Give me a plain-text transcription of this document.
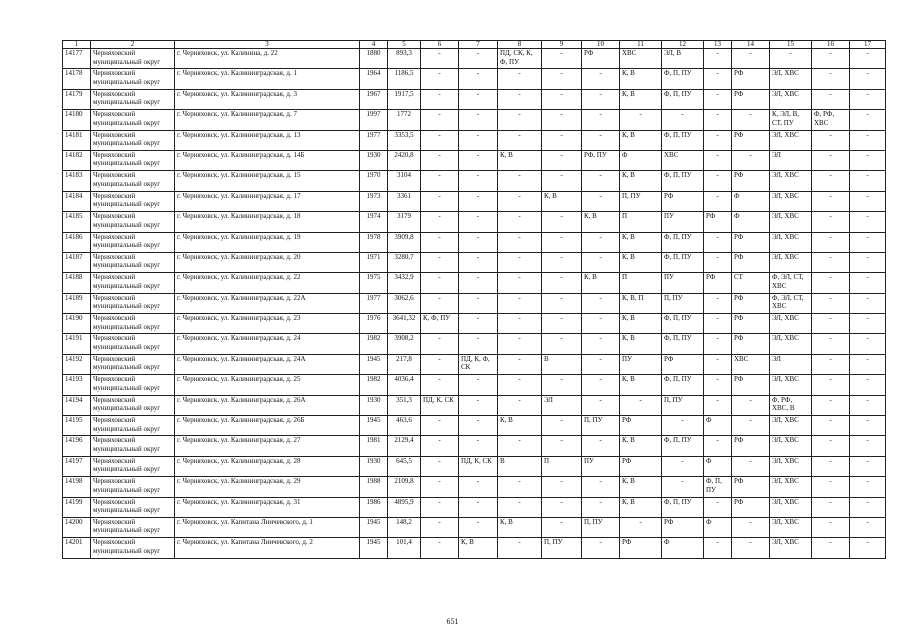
1	2	3	4	5	6	7	8	9	10	11	12	13	14	15	16	17
14177	Черняховский муниципальный округ	г. Черняховск, ул. Калинина, д. 22	1880	893,3	-	-	ПД, СК, К, Ф, ПУ	-	РФ	ХВС	ЭЛ, В	-	-	-	-	-
14178	Черняховский муниципальный округ	г. Черняховск, ул. Калининградская, д. 1	1964	1186,5	-	-	-	-	-	К, В	Ф, П, ПУ	-	РФ	ЭЛ, ХВС	-	-
14179	Черняховский муниципальный округ	г. Черняховск, ул. Калининградская, д. 3	1967	1917,5	-	-	-	-	-	К, В	Ф, П, ПУ	-	РФ	ЭЛ, ХВС	-	-
14180	Черняховский муниципальный округ	г. Черняховск, ул. Калининградская, д. 7	1997	1772	-	-	-	-	-	-	-	-	-	К, ЭЛ, В, СТ, ПУ	Ф, РФ, ХВС	-
14181	Черняховский муниципальный округ	г. Черняховск, ул. Калининградская, д. 13	1977	3353,5	-	-	-	-	-	К, В	Ф, П, ПУ	-	РФ	ЭЛ, ХВС	-	-
14182	Черняховский муниципальный округ	г. Черняховск, ул. Калининградская, д. 14Б	1930	2420,8	-	-	К, В	-	РФ, ПУ	Ф	ХВС	-	-	ЭЛ	-	-
14183	Черняховский муниципальный округ	г. Черняховск, ул. Калининградская, д. 15	1970	3104	-	-	-	-	-	К, В	Ф, П, ПУ	-	РФ	ЭЛ, ХВС	-	-
14184	Черняховский муниципальный округ	г. Черняховск, ул. Калининградская, д. 17	1973	3361	-	-	-	К, В	-	П, ПУ	РФ	-	Ф	ЭЛ, ХВС	-	-
14185	Черняховский муниципальный округ	г. Черняховск, ул. Калининградская, д. 18	1974	3179	-	-	-	-	К, В	П	ПУ	РФ	Ф	ЭЛ, ХВС	-	-
14186	Черняховский муниципальный округ	г. Черняховск, ул. Калининградская, д. 19	1978	3909,8	-	-	-	-	-	К, В	Ф, П, ПУ	-	РФ	ЭЛ, ХВС	-	-
14187	Черняховский муниципальный округ	г. Черняховск, ул. Калининградская, д. 20	1971	3280,7	-	-	-	-	-	К, В	Ф, П, ПУ	-	РФ	ЭЛ, ХВС	-	-
14188	Черняховский муниципальный округ	г. Черняховск, ул. Калининградская, д. 22	1975	3432,9	-	-	-	-	К, В	П	ПУ	РФ	СТ	Ф, ЭЛ, СТ, ХВС	-	-
14189	Черняховский муниципальный округ	г. Черняховск, ул. Калининградская, д. 22А	1977	3062,6	-	-	-	-	-	К, В, П	П, ПУ	-	РФ	Ф, ЭЛ, СТ, ХВС	-	-
14190	Черняховский муниципальный округ	г. Черняховск, ул. Калининградская, д. 23	1976	3641,32	К, Ф, ПУ	-	-	-	-	К, В	Ф, П, ПУ	-	РФ	ЭЛ, ХВС	-	-
14191	Черняховский муниципальный округ	г. Черняховск, ул. Калининградская, д. 24	1982	3908,2	-	-	-	-	-	К, В	Ф, П, ПУ	-	РФ	ЭЛ, ХВС	-	-
14192	Черняховский муниципальный округ	г. Черняховск, ул. Калининградская, д. 24А	1945	217,8	-	ПД, К, Ф, СК	-	В	-	ПУ	РФ	-	ХВС	ЭЛ	-	-
14193	Черняховский муниципальный округ	г. Черняховск, ул. Калининградская, д. 25	1982	4036,4	-	-	-	-	-	К, В	Ф, П, ПУ	-	РФ	ЭЛ, ХВС	-	-
14194	Черняховский муниципальный округ	г. Черняховск, ул. Калининградская, д. 26А	1930	351,3	ПД, К, СК	-	-	ЭЛ	-	-	П, ПУ	-	-	Ф, РФ, ХВС, В	-	-
14195	Черняховский муниципальный округ	г. Черняховск, ул. Калининградская, д. 26Б	1945	463,6	-	-	К, В	-	П, ПУ	РФ	-	Ф	-	ЭЛ, ХВС	-	-
14196	Черняховский муниципальный округ	г. Черняховск, ул. Калининградская, д. 27	1981	2129,4	-	-	-	-	-	К, В	Ф, П, ПУ	-	РФ	ЭЛ, ХВС	-	-
14197	Черняховский муниципальный округ	г. Черняховск, ул. Калининградская, д. 28	1930	645,5	-	ПД, К, СК	В	П	ПУ	РФ	-	Ф	-	ЭЛ, ХВС	-	-
14198	Черняховский муниципальный округ	г. Черняховск, ул. Калининградская, д. 29	1988	2109,8	-	-	-	-	-	К, В	-	Ф, П, ПУ	РФ	ЭЛ, ХВС	-	-
14199	Черняховский муниципальный округ	г. Черняховск, ул. Калининградская, д. 31	1986	4895,9	-	-	-	-	-	К, В	Ф, П, ПУ	-	РФ	ЭЛ, ХВС	-	-
14200	Черняховский муниципальный округ	г. Черняховск, ул. Капитана Лиичевского, д. 1	1945	148,2	-	-	К, В	-	П, ПУ	-	РФ	Ф	-	ЭЛ, ХВС	-	-
14201	Черняховский муниципальный округ	г. Черняховск, ул. Капитана Лиичевского, д. 2	1945	101,4	-	К, В	-	П, ПУ	-	РФ	Ф	-	-	ЭЛ, ХВС	-	-
651
